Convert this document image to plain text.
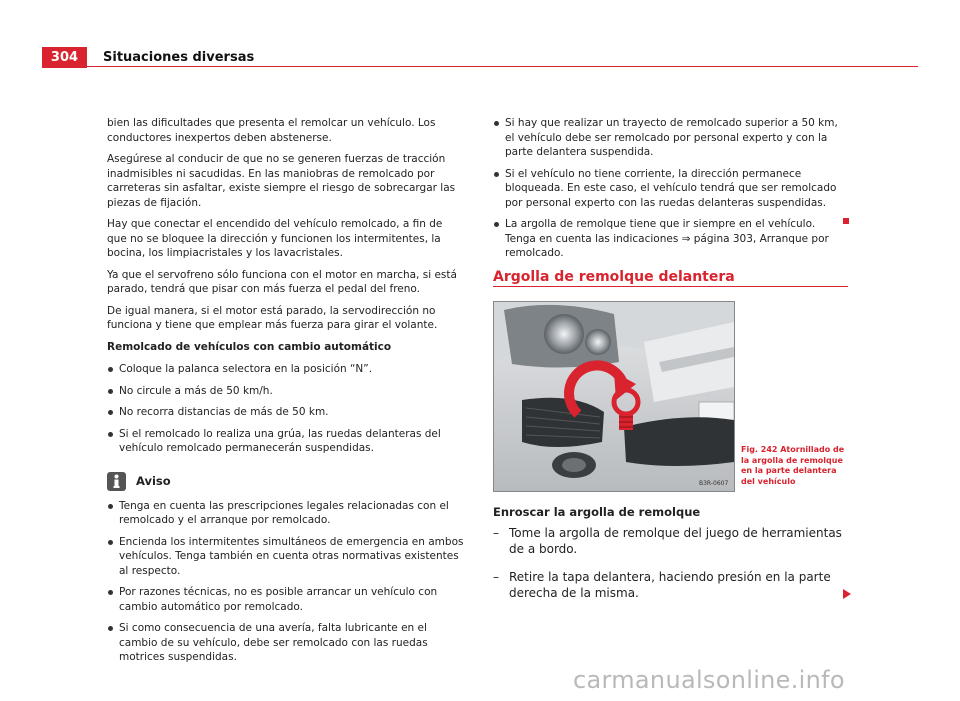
304	Situaciones diversas

bien las dificultades que presenta el remolcar un vehículo. Los conductores inexpertos deben abstenerse.

Asegúrese al conducir de que no se generen fuerzas de tracción inadmisibles ni sacudidas. En las maniobras de remolcado por carreteras sin asfaltar, existe siempre el riesgo de sobrecargar las piezas de fijación.

Hay que conectar el encendido del vehículo remolcado, a fin de que no se bloquee la dirección y funcionen los intermitentes, la bocina, los limpiacristales y los lavacristales.

Ya que el servofreno sólo funciona con el motor en marcha, si está parado, tendrá que pisar con más fuerza el pedal del freno.

De igual manera, si el motor está parado, la servodirección no funciona y tiene que emplear más fuerza para girar el volante.

Remolcado de vehículos con cambio automático
Coloque la palanca selectora en la posición “N”.
No circule a más de 50 km/h.
No recorra distancias de más de 50 km.
Si el remolcado lo realiza una grúa, las ruedas delanteras del vehículo remolcado permanecerán suspendidas.
Aviso
Tenga en cuenta las prescripciones legales relacionadas con el remolcado y el arranque por remolcado.
Encienda los intermitentes simultáneos de emergencia en ambos vehículos. Tenga también en cuenta otras normativas existentes al respecto.
Por razones técnicas, no es posible arrancar un vehículo con cambio automático por remolcado.
Si como consecuencia de una avería, falta lubricante en el cambio de su vehículo, debe ser remolcado con las ruedas motrices suspendidas.
Si hay que realizar un trayecto de remolcado superior a 50 km, el vehículo debe ser remolcado por personal experto y con la parte delantera suspendida.
Si el vehículo no tiene corriente, la dirección permanece bloqueada. En este caso, el vehículo tendrá que ser remolcado por personal experto con las ruedas delanteras suspendidas.
La argolla de remolque tiene que ir siempre en el vehículo. Tenga en cuenta las indicaciones ⇒ página 303, Arranque por remolcado.
Argolla de remolque delantera
B3R-0607
Fig. 242 Atornillado de la argolla de remolque en la parte delantera del vehículo
Enroscar la argolla de remolque
– Tome la argolla de remolque del juego de herramientas de a bordo.
– Retire la tapa delantera, haciendo presión en la parte derecha de la misma.
carmanualsonline.info
